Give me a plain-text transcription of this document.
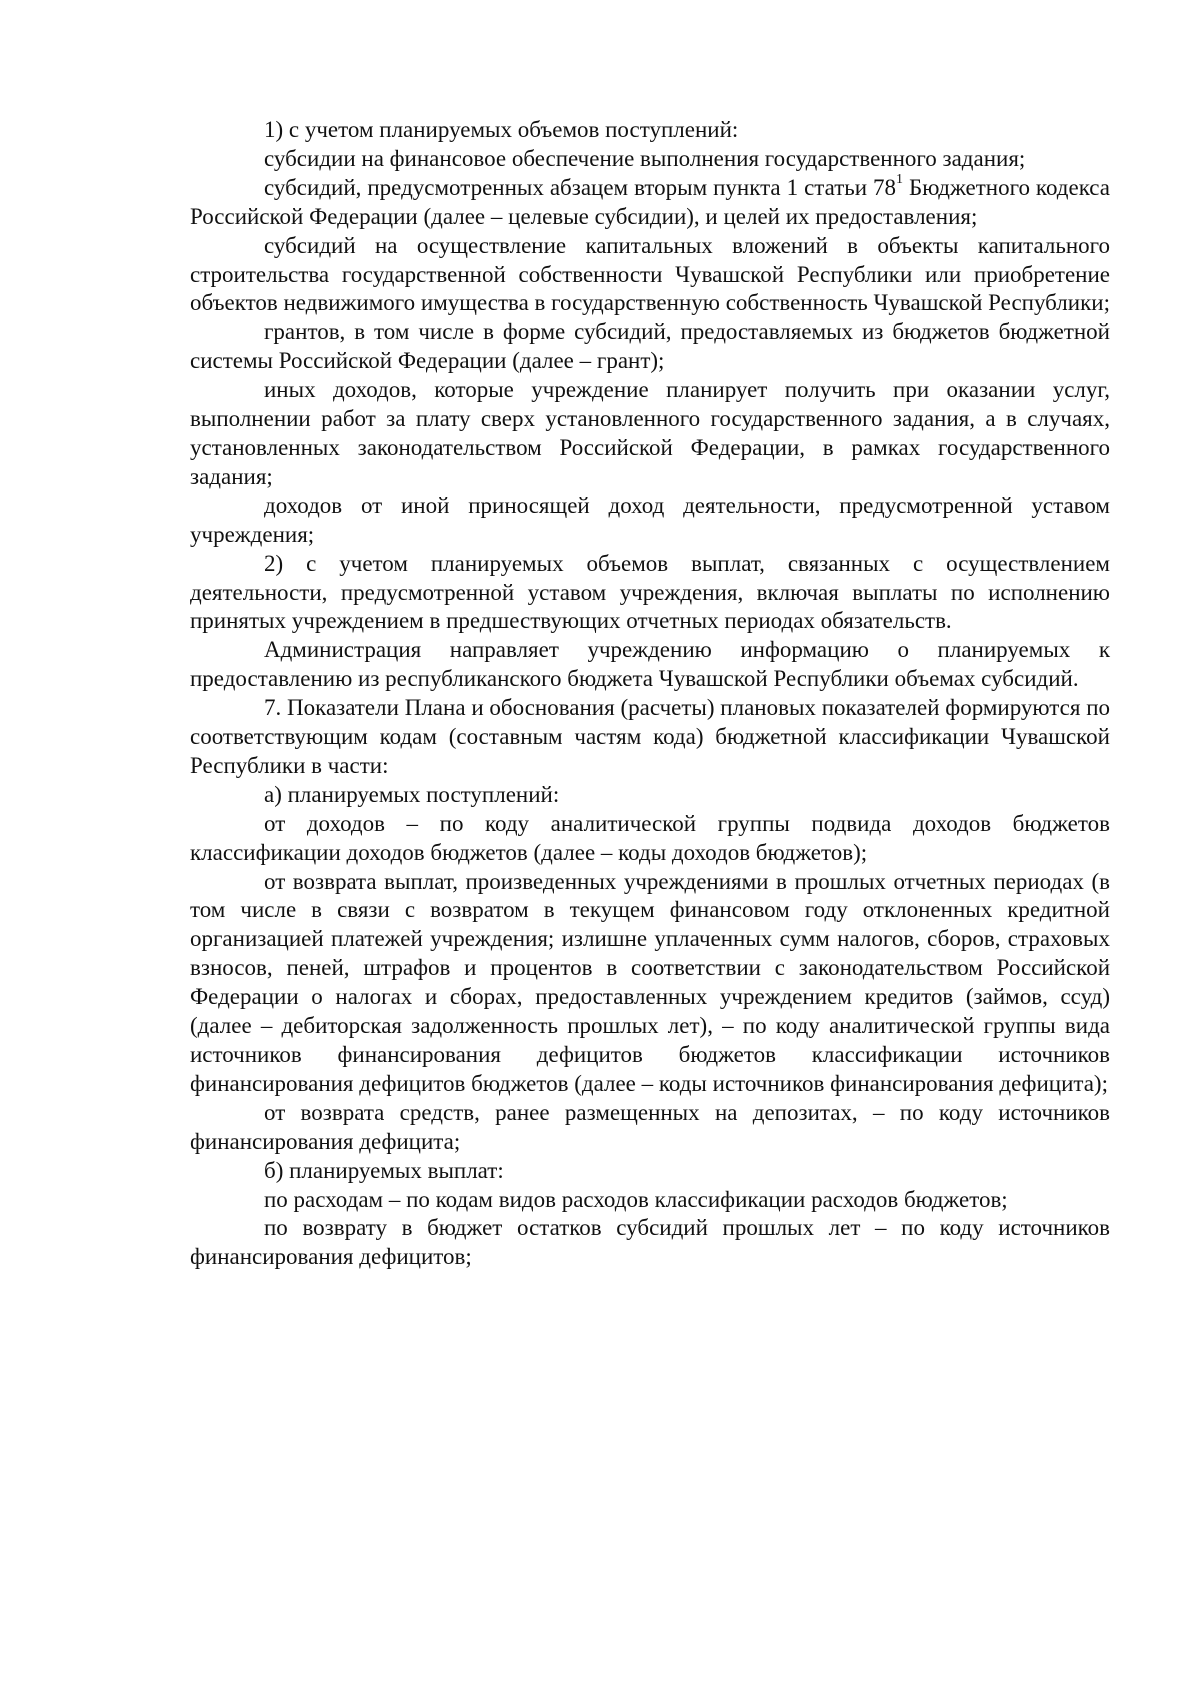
1) с учетом планируемых объемов поступлений:

субсидии на финансовое обеспечение выполнения государственного задания;

субсидий, предусмотренных абзацем вторым пункта 1 статьи $78^1$ Бюджетного кодекса Российской Федерации (далее – целевые субсидии), и целей их предоставления;

субсидий на осуществление капитальных вложений в объекты капитального строительства государственной собственности Чувашской Республики или приобретение объектов недвижимого имущества в государственную собственность Чувашской Республики;

грантов, в том числе в форме субсидий, предоставляемых из бюджетов бюджетной системы Российской Федерации (далее – грант);

иных доходов, которые учреждение планирует получить при оказании услуг, выполнении работ за плату сверх установленного государственного задания, а в случаях, установленных законодательством Российской Федерации, в рамках государственного задания;

доходов от иной приносящей доход деятельности, предусмотренной уставом учреждения;

2) с учетом планируемых объемов выплат, связанных с осуществлением деятельности, предусмотренной уставом учреждения, включая выплаты по исполнению принятых учреждением в предшествующих отчетных периодах обязательств.

Администрация направляет учреждению информацию о планируемых к предоставлению из республиканского бюджета Чувашской Республики объемах субсидий.

7. Показатели Плана и обоснования (расчеты) плановых показателей формируются по соответствующим кодам (составным частям кода) бюджетной классификации Чувашской Республики в части:

а) планируемых поступлений:

от доходов – по коду аналитической группы подвида доходов бюджетов классификации доходов бюджетов (далее – коды доходов бюджетов);

от возврата выплат, произведенных учреждениями в прошлых отчетных периодах (в том числе в связи с возвратом в текущем финансовом году отклоненных кредитной организацией платежей учреждения; излишне уплаченных сумм налогов, сборов, страховых взносов, пеней, штрафов и процентов в соответствии с законодательством Российской Федерации о налогах и сборах, предоставленных учреждением кредитов (займов, ссуд) (далее – дебиторская задолженность прошлых лет), – по коду аналитической группы вида источников финансирования дефицитов бюджетов классификации источников финансирования дефицитов бюджетов (далее – коды источников финансирования дефицита);

от возврата средств, ранее размещенных на депозитах, – по коду источников финансирования дефицита;

б) планируемых выплат:

по расходам – по кодам видов расходов классификации расходов бюджетов;

по возврату в бюджет остатков субсидий прошлых лет – по коду источников финансирования дефицитов;
